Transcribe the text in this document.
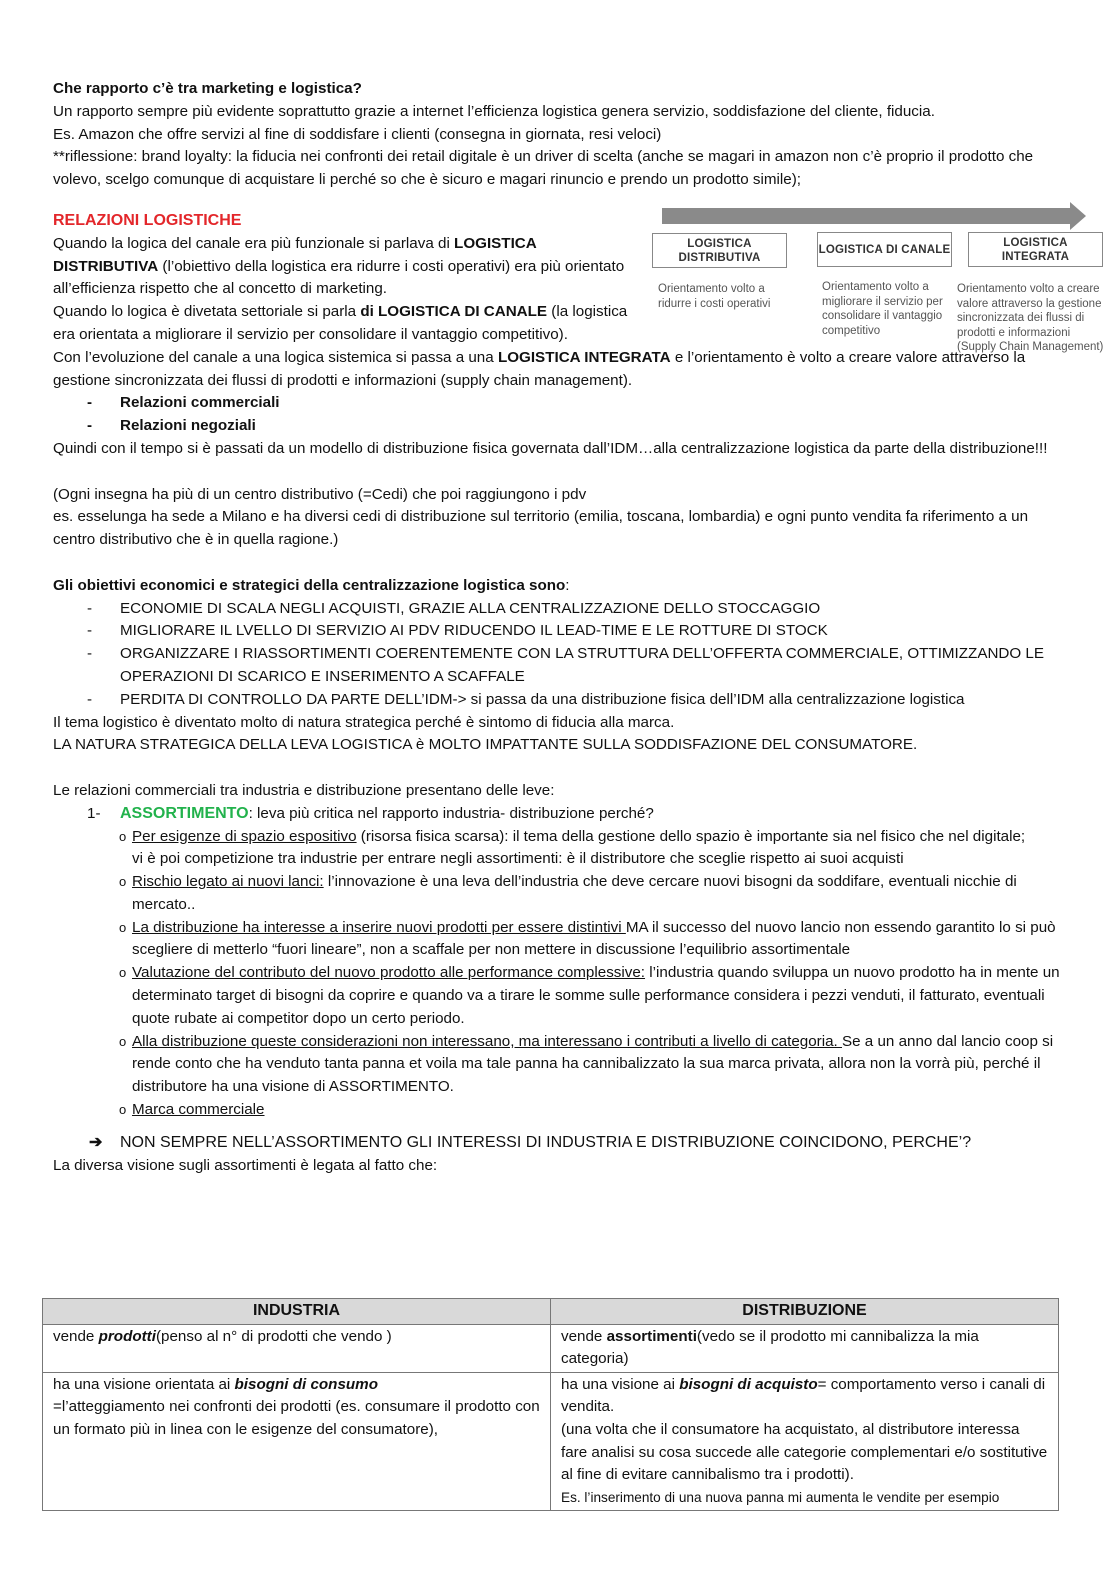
Che rapporto c’è tra marketing e logistica?

Un rapporto sempre più evidente soprattutto grazie a internet l’efficienza logistica genera servizio, soddisfazione del cliente, fiducia.

Es. Amazon che offre servizi al fine di soddisfare i clienti (consegna in giornata, resi veloci)

**riflessione: brand loyalty: la fiducia nei confronti dei retail digitale è un driver di scelta (anche se magari in amazon non c’è proprio il prodotto che volevo, scelgo comunque di acquistare li perché so che è sicuro e magari rinuncio e prendo un prodotto simile);

RELAZIONI LOGISTICHE

Quando la logica del canale era più funzionale si parlava di LOGISTICA DISTRIBUTIVA (l’obiettivo della logistica era ridurre i costi operativi) era più orientato all’efficienza rispetto che al concetto di marketing.

Quando lo logica è divetata settoriale si parla di LOGISTICA DI CANALE (la logistica era orientata a migliorare il servizio per consolidare il vantaggio competitivo).

Con l’evoluzione del canale a una logica sistemica si passa a una LOGISTICA INTEGRATA e l’orientamento è volto a creare valore attraverso la gestione sincronizzata dei flussi di prodotti e informazioni (supply chain management).

- Relazioni commerciali
- Relazioni negoziali

Quindi con il tempo si è passati da un modello di distribuzione fisica governata dall’IDM…alla centralizzazione logistica da parte della distribuzione!!!

(Ogni insegna ha più di un centro distributivo (=Cedi) che poi raggiungono i pdv

es. esselunga ha sede a Milano e ha diversi cedi di distribuzione sul territorio (emilia, toscana, lombardia) e ogni punto vendita fa riferimento a un centro distributivo che è in quella ragione.)

Gli obiettivi economici e strategici della centralizzazione logistica sono:

- ECONOMIE DI SCALA NEGLI ACQUISTI, GRAZIE ALLA CENTRALIZZAZIONE DELLO STOCCAGGIO
- MIGLIORARE IL LVELLO DI SERVIZIO AI PDV RIDUCENDO IL LEAD-TIME E LE ROTTURE DI STOCK
- ORGANIZZARE I RIASSORTIMENTI COERENTEMENTE CON LA STRUTTURA DELL’OFFERTA COMMERCIALE, OTTIMIZZANDO LE OPERAZIONI DI SCARICO E INSERIMENTO A SCAFFALE
- PERDITA DI CONTROLLO DA PARTE DELL’IDM-> si passa da una distribuzione fisica dell’IDM alla centralizzazione logistica

Il tema logistico è diventato molto di natura strategica perché è sintomo di fiducia alla marca.

LA NATURA STRATEGICA DELLA LEVA LOGISTICA è MOLTO IMPATTANTE SULLA SODDISFAZIONE DEL CONSUMATORE.

Le relazioni commerciali tra industria e distribuzione presentano delle leve:

1- ASSORTIMENTO: leva più critica nel rapporto industria- distribuzione perché?

o Per esigenze di spazio espositivo (risorsa fisica scarsa): il tema della gestione dello spazio è importante sia nel fisico che nel digitale;
vi è poi competizione tra industrie per entrare negli assortimenti: è il distributore che sceglie rispetto ai suoi acquisti
o Rischio legato ai nuovi lanci: l’innovazione è una leva dell’industria che deve cercare nuovi bisogni da soddifare, eventuali nicchie di mercato..
o La distribuzione ha interesse a inserire nuovi prodotti per essere distintivi MA il successo del nuovo lancio non essendo garantito lo si può scegliere di metterlo “fuori lineare”, non a scaffale per non mettere in discussione l’equilibrio assortimentale
o Valutazione del contributo del nuovo prodotto alle performance complessive: l’industria quando sviluppa un nuovo prodotto ha in mente un determinato target di bisogni da coprire e quando va a tirare le somme sulle performance considera i pezzi venduti, il fatturato, eventuali quote rubate ai competitor dopo un certo periodo.
o Alla distribuzione queste considerazioni non interessano, ma interessano i contributi a livello di categoria. Se a un anno dal lancio coop si rende conto che ha venduto tanta panna et voila ma tale panna ha cannibalizzato la sua marca privata, allora non la vorrà più, perché il distributore ha una visione di ASSORTIMENTO.
o Marca commerciale

➔ NON SEMPRE NELL’ASSORTIMENTO GLI INTERESSI DI INDUSTRIA E DISTRIBUZIONE COINCIDONO, PERCHE’?

La diversa visione sugli assortimenti è legata al fatto che:

LOGISTICA DISTRIBUTIVA
LOGISTICA DI CANALE
LOGISTICA INTEGRATA
Orientamento volto a ridurre i costi operativi
Orientamento volto a migliorare il servizio per consolidare il vantaggio competitivo
Orientamento volto a creare valore attraverso la gestione sincronizzata dei flussi di prodotti e informazioni (Supply Chain Management)
INDUSTRIA	DISTRIBUZIONE
vende prodotti(penso al n° di prodotti che vendo )	vende assortimenti(vedo se il prodotto mi cannibalizza la mia categoria)
ha una visione orientata ai bisogni di consumo
=l’atteggiamento nei confronti dei prodotti (es. consumare il prodotto con un formato più in linea con le esigenze del consumatore),	ha una visione ai bisogni di acquisto= comportamento verso i canali di vendita.
(una volta che il consumatore ha acquistato, al distributore interessa fare analisi su cosa succede alle categorie complementari e/o sostitutive al fine di evitare cannibalismo tra i prodotti).
Es. l’inserimento di una nuova panna mi aumenta le vendite per esempio
